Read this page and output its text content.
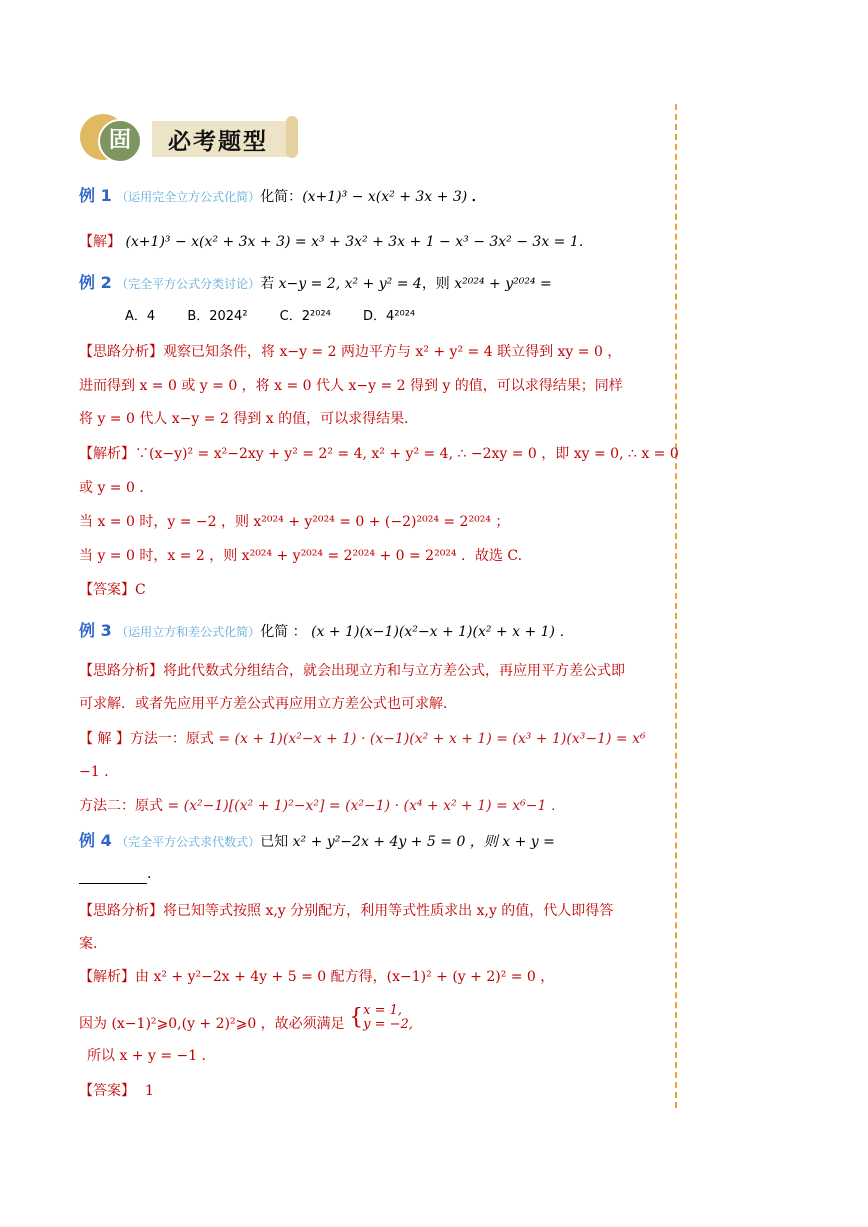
固	必考题型
例 1 （运用完全立方公式化简）化简：(x+1)³ − x(x² + 3x + 3) ．
【解】 (x+1)³ − x(x² + 3x + 3) = x³ + 3x² + 3x + 1 − x³ − 3x² − 3x = 1．
例 2 （完全平方公式分类讨论）若 x−y = 2, x² + y² = 4，则 x²⁰²⁴ + y²⁰²⁴ =
A．4 B．2024² C．2²⁰²⁴ D．4²⁰²⁴
【思路分析】观察已知条件，将 x−y = 2 两边平方与 x² + y² = 4 联立得到 xy = 0 ，
进而得到 x = 0 或 y = 0 ，将 x = 0 代人 x−y = 2 得到 y 的值，可以求得结果；同样
将 y = 0 代人 x−y = 2 得到 x 的值，可以求得结果．
【解析】∵(x−y)² = x²−2xy + y² = 2² = 4, x² + y² = 4, ∴ −2xy = 0 ，即 xy = 0, ∴ x = 0
或 y = 0 ．
当 x = 0 时，y = −2 ，则 x²⁰²⁴ + y²⁰²⁴ = 0 + (−2)²⁰²⁴ = 2²⁰²⁴ ；
当 y = 0 时，x = 2 ，则 x²⁰²⁴ + y²⁰²⁴ = 2²⁰²⁴ + 0 = 2²⁰²⁴ ．故选 C.
【答案】C
例 3 （运用立方和差公式化简）化简 ： (x + 1)(x−1)(x²−x + 1)(x² + x + 1) ．
【思路分析】将此代数式分组结合，就会出现立方和与立方差公式，再应用平方差公式即
可求解．或者先应用平方差公式再应用立方差公式也可求解．
【 解 】方法一：原式 = (x + 1)(x²−x + 1) · (x−1)(x² + x + 1) = (x³ + 1)(x³−1) = x⁶
−1 ．
方法二：原式 = (x²−1)[(x² + 1)²−x²] = (x²−1) · (x⁴ + x² + 1) = x⁶−1 ．
例 4 （完全平方公式求代数式）已知 x² + y²−2x + 4y + 5 = 0 ，则 x + y =
.
【思路分析】将已知等式按照 x,y 分别配方，利用等式性质求出 x,y 的值，代人即得答
案.
【解析】由 x² + y²−2x + 4y + 5 = 0 配方得，(x−1)² + (y + 2)² = 0 ，
因为 (x−1)²⩾0,(y + 2)²⩾0 ，故必须满足 { x = 1,
y = −2,
所以 x + y = −1 ．
【答案】 1
